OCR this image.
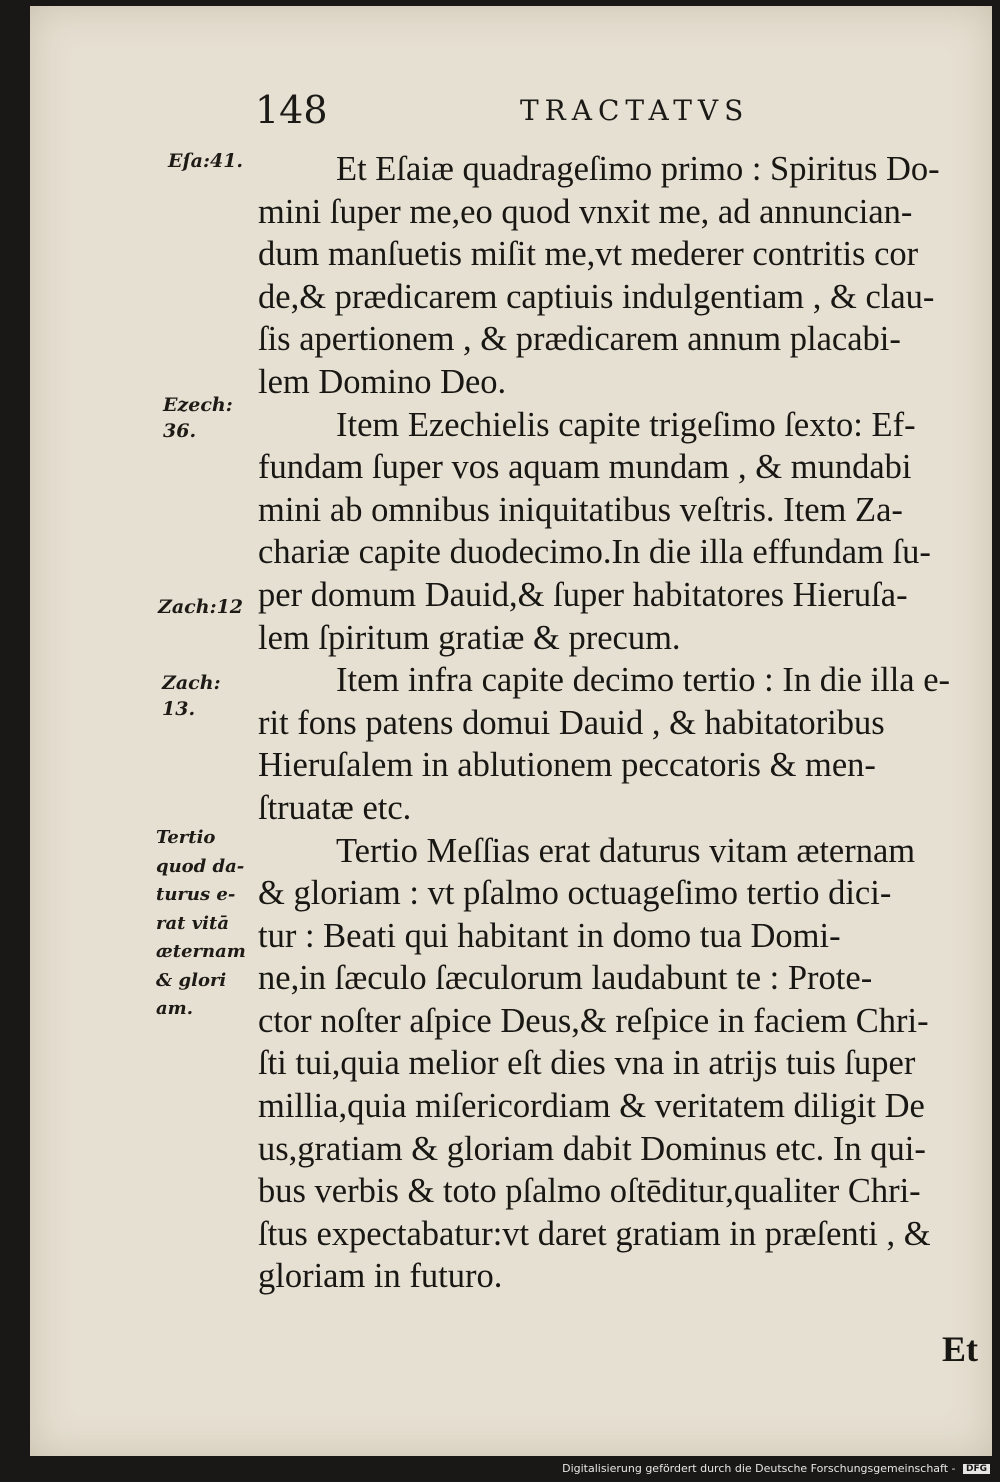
148	TRACTATVS
Eſa:41.
Ezech:
36.
Zach:12
Zach:
13.
Tertio
quod da-
turus e-
rat vitā
æternam
& glori
am.
Et Eſaiæ quadrageſimo primo : Spiritus Do-
mini ſuper me,eo quod vnxit me, ad annuncian-
dum manſuetis miſit me,vt mederer contritis cor
de,& prædicarem captiuis indulgentiam , & clau-
ſis apertionem , & prædicarem annum placabi-
lem Domino Deo.
Item Ezechielis capite trigeſimo ſexto: Ef-
fundam ſuper vos aquam mundam , & mundabi
mini ab omnibus iniquitatibus veſtris. Item Za-
chariæ capite duodecimo.In die illa effundam ſu-
per domum Dauid,& ſuper habitatores Hieruſa-
lem ſpiritum gratiæ & precum.
Item infra capite decimo tertio : In die illa e-
rit fons patens domui Dauid , & habitatoribus
Hieruſalem in ablutionem peccatoris & men-
ſtruatæ etc.
Tertio Meſſias erat daturus vitam æternam
& gloriam : vt pſalmo octuageſimo tertio dici-
tur : Beati qui habitant in domo tua Domi-
ne,in ſæculo ſæculorum laudabunt te : Prote-
ctor noſter aſpice Deus,& reſpice in faciem Chri-
ſti tui,quia melior eſt dies vna in atrijs tuis ſuper
millia,quia miſericordiam & veritatem diligit De
us,gratiam & gloriam dabit Dominus etc. In qui-
bus verbis & toto pſalmo oſtēditur,qualiter Chri-
ſtus expectabatur:vt daret gratiam in præſenti , &
gloriam in futuro.
Et
Digitalisierung gefördert durch die Deutsche Forschungsgemeinschaft - DFG
